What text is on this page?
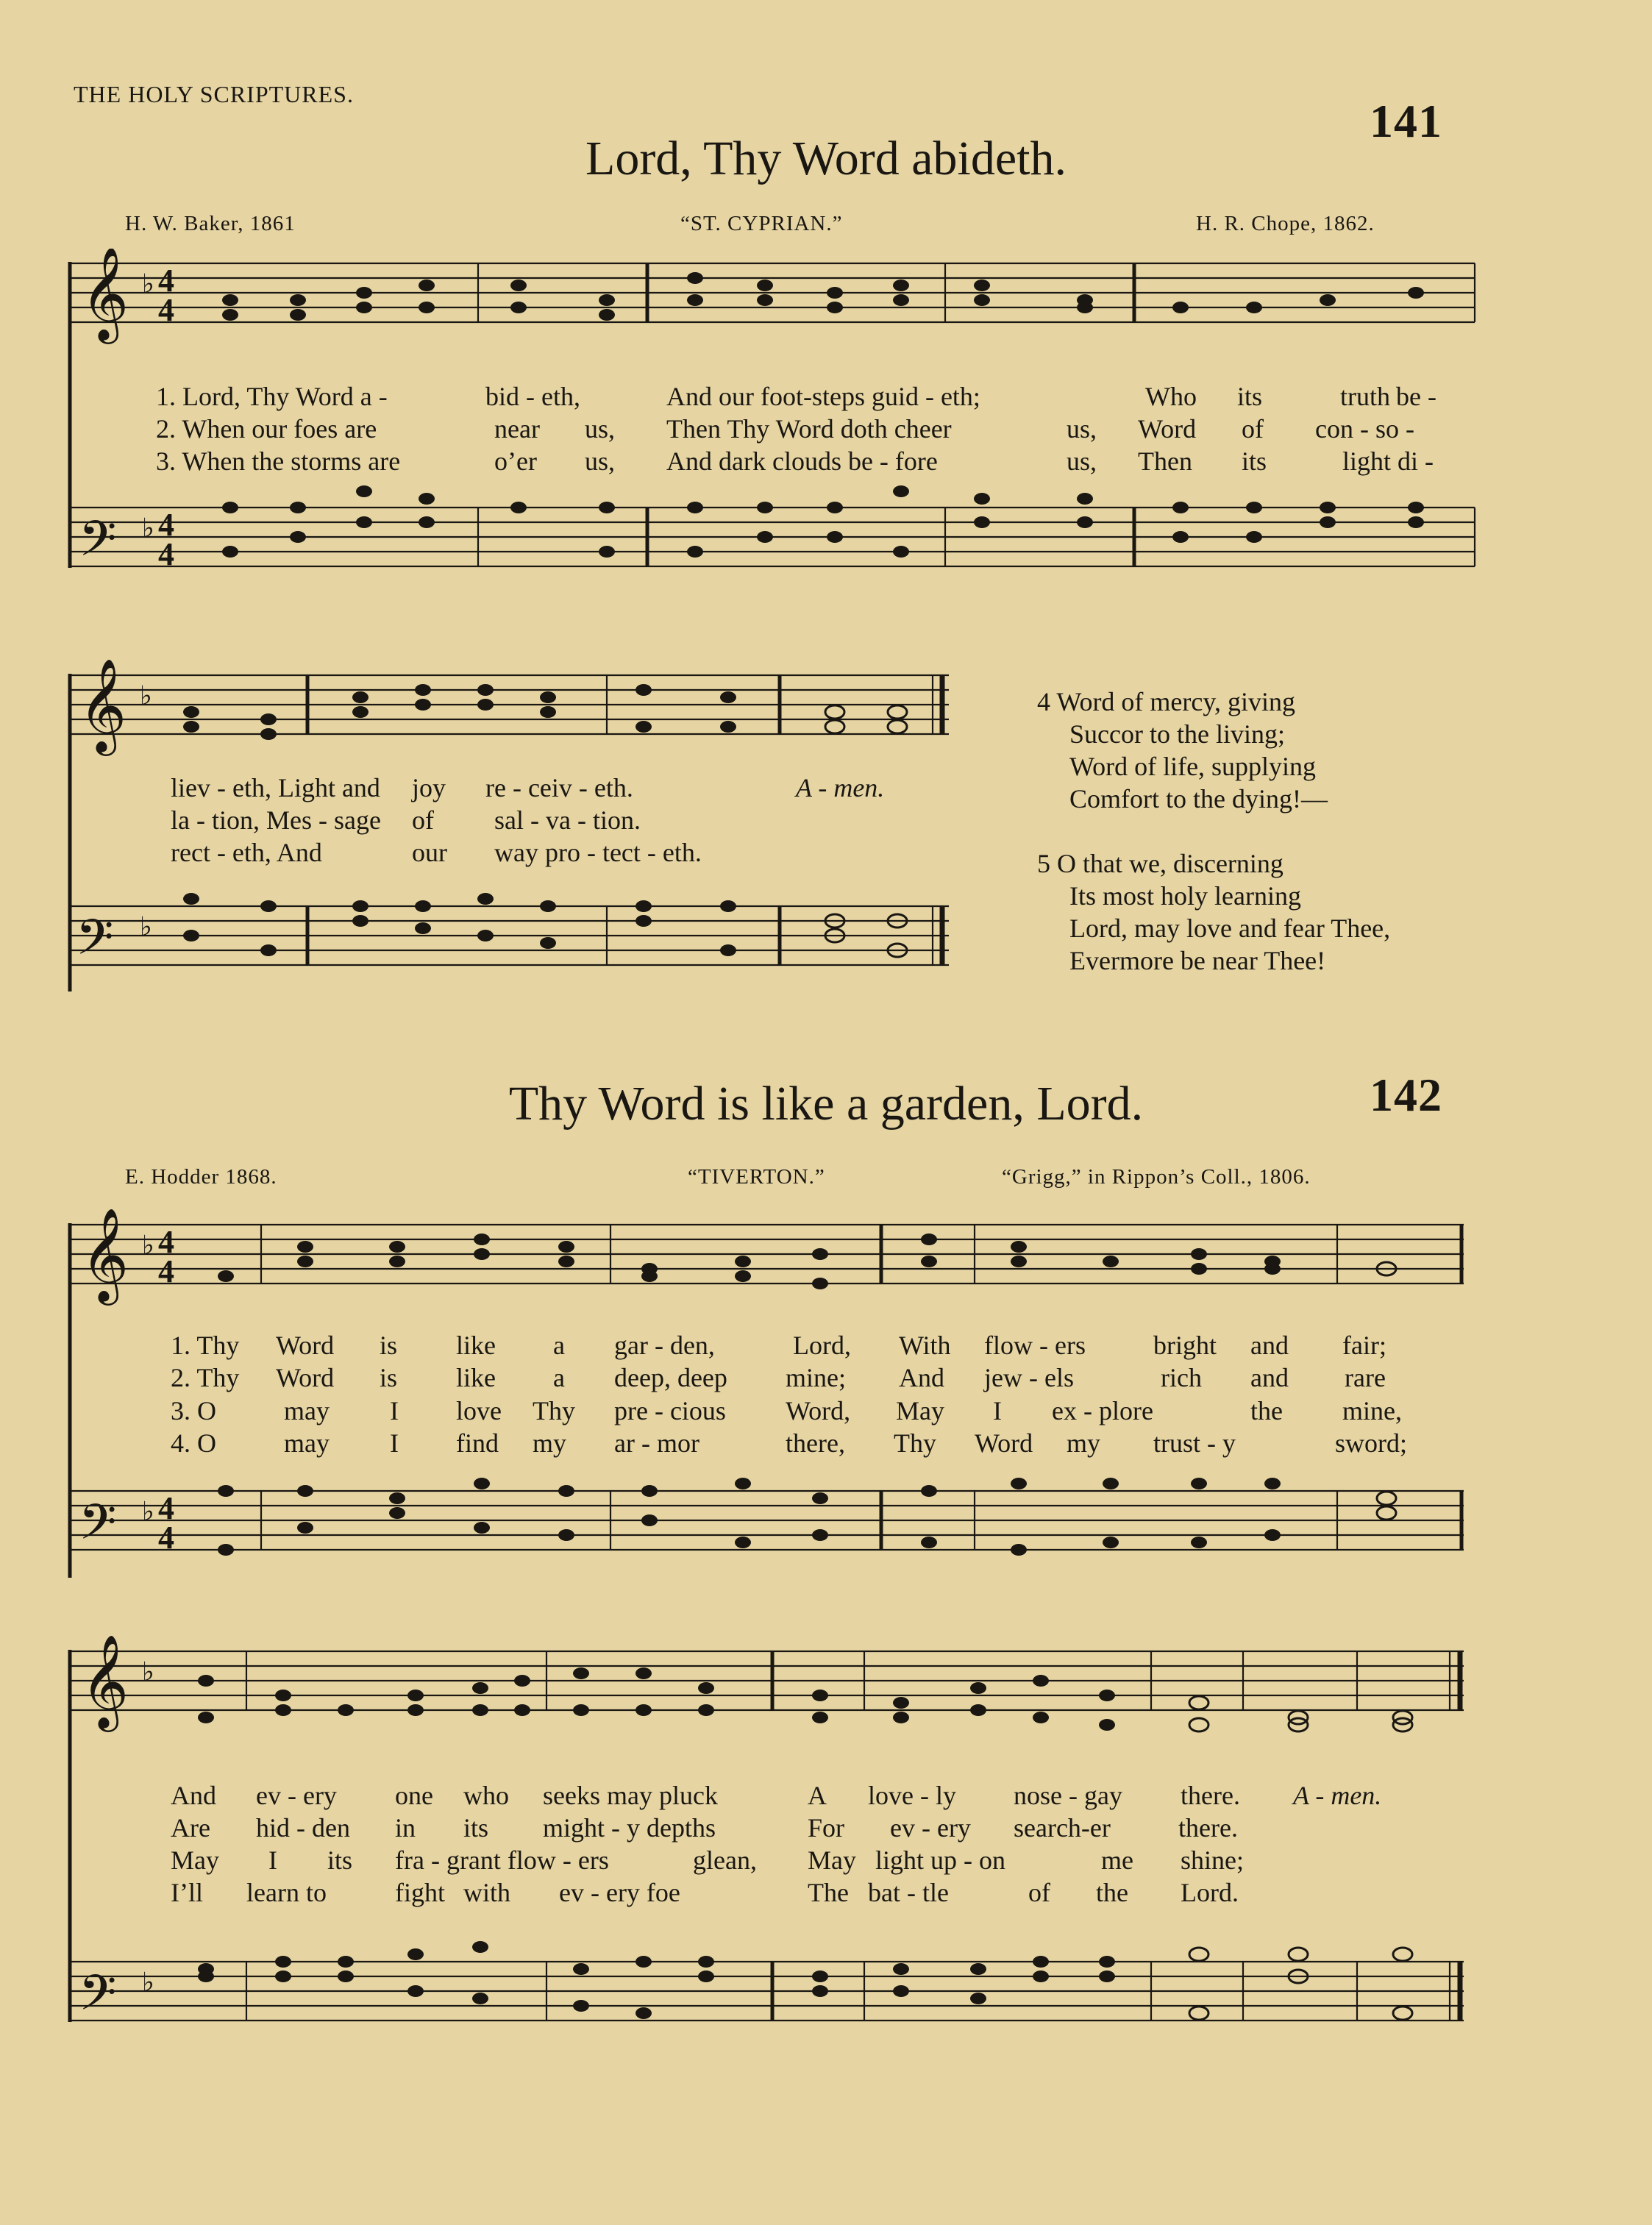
THE HOLY SCRIPTURES.
141
142
Lord, Thy Word abideth.
H. W. Baker, 1861	“ST. CYPRIAN.”	H. R. Chope, 1862.
𝄞
𝄢
♭
♭
4
4
4
4
1. Lord, Thy Word a -	bid - eth,	And our foot-steps guid - eth;	Who its	truth be -
2. When our foes are	near us, Then Thy Word doth cheer	us, Word of con - so -
3. When the storms are	o’er us, And dark clouds be - fore	us, Then its	light di -
𝄞
𝄢
♭
♭
liev - eth, Light and joy re - ceiv - eth.	A - men.
la - tion, Mes - sage of sal - va - tion.
rect - eth, And	our way pro - tect - eth.
4 Word of mercy, giving
Succor to the living;
Word of life, supplying
Comfort to the dying!—
5 O that we, discerning
Its most holy learning
Lord, may love and fear Thee,
Evermore be near Thee!
Thy Word is like a garden, Lord.
E. Hodder 1868.	“TIVERTON.”	“Grigg,” in Rippon’s Coll., 1806.
𝄞
𝄢
♭
♭
4
4
4
4
1. Thy Word is like a gar - den,	Lord, With flow - ers	bright and fair;
2. Thy Word is like a deep, deep mine; And jew - els	rich and rare
3. O	may I love Thy pre - cious Word, May I ex - plore	the mine,
4. O	may I find my ar - mor	there, Thy Word my trust - y	sword;
𝄞
𝄢
♭
♭
And ev - ery one who seeks may pluck	A love - ly nose - gay there. A - men.
Are hid - den in its might - y depths	For ev - ery search-er	there.
May I its fra - grant flow - ers	glean, May light up - on	me shine;
I’ll learn to	fight with ev - ery foe	The bat - tle	of the Lord.
